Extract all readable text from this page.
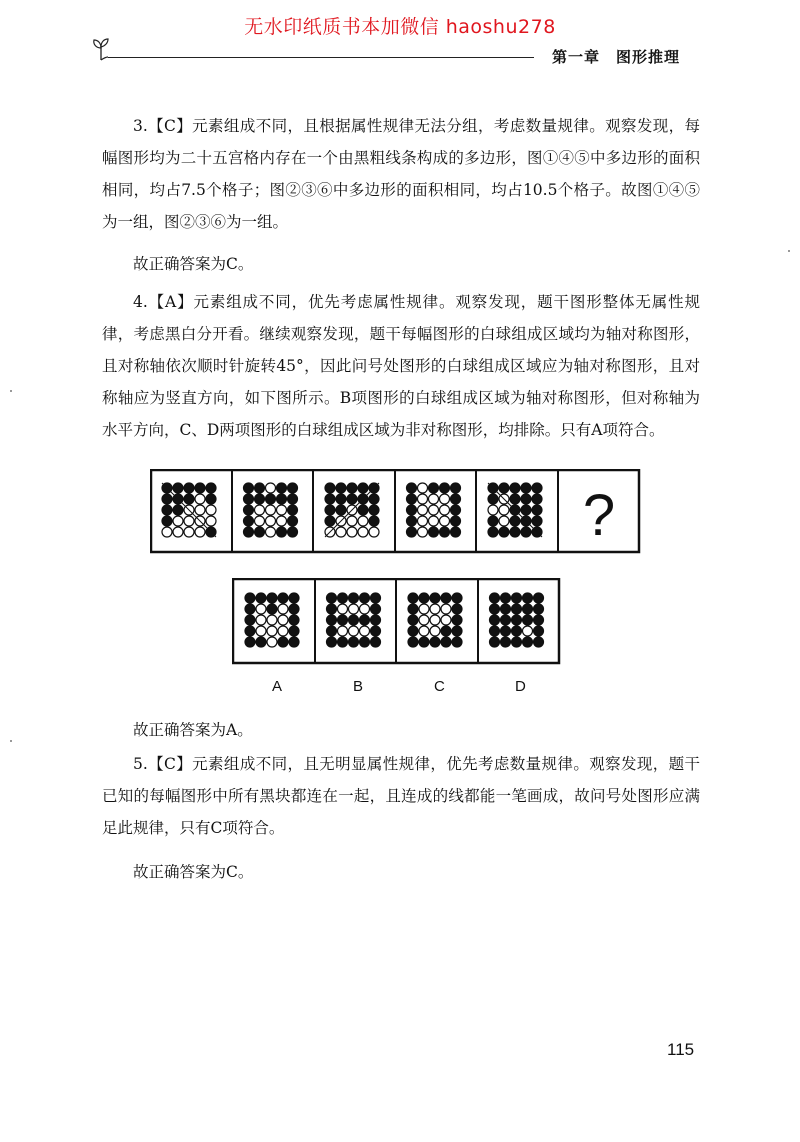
无水印纸质书本加微信 haoshu278
第一章　图形推理
3.【C】元素组成不同，且根据属性规律无法分组，考虑数量规律。观察发现，每幅图形均为二十五宫格内存在一个由黑粗线条构成的多边形，图①④⑤中多边形的面积相同，均占7.5个格子；图②③⑥中多边形的面积相同，均占10.5个格子。故图①④⑤为一组，图②③⑥为一组。
故正确答案为C。
4.【A】元素组成不同，优先考虑属性规律。观察发现，题干图形整体无属性规律，考虑黑白分开看。继续观察发现，题干每幅图形的白球组成区域均为轴对称图形，且对称轴依次顺时针旋转45°，因此问号处图形的白球组成区域应为轴对称图形，且对称轴应为竖直方向，如下图所示。B项图形的白球组成区域为轴对称图形，但对称轴为水平方向，C、D两项图形的白球组成区域为非对称图形，均排除。只有A项符合。
?
A	B	C	D
故正确答案为A。
5.【C】元素组成不同，且无明显属性规律，优先考虑数量规律。观察发现，题干已知的每幅图形中所有黑块都连在一起，且连成的线都能一笔画成，故问号处图形应满足此规律，只有C项符合。
故正确答案为C。
115
